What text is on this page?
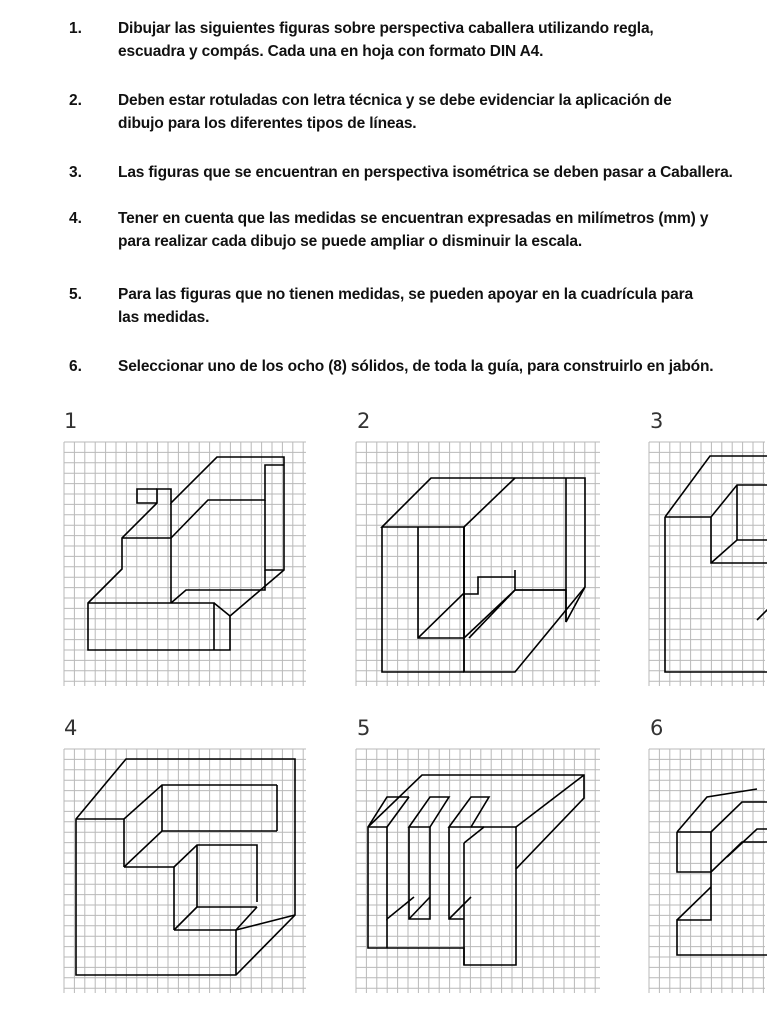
1. Dibujar las siguientes figuras sobre perspectiva caballera utilizando regla,
escuadra y compás. Cada una en hoja con formato DIN A4.
2. Deben estar rotuladas con letra técnica y se debe evidenciar la aplicación de
dibujo para los diferentes tipos de líneas.
3. Las figuras que se encuentran en perspectiva isométrica se deben pasar a Caballera.
4. Tener en cuenta que las medidas se encuentran expresadas en milímetros (mm) y
para realizar cada dibujo se puede ampliar o disminuir la escala.
5. Para las figuras que no tienen medidas, se pueden apoyar en la cuadrícula para
las medidas.
6. Seleccionar uno de los ocho (8) sólidos, de toda la guía, para construirlo en jabón.
1	2	3
4	5	6
